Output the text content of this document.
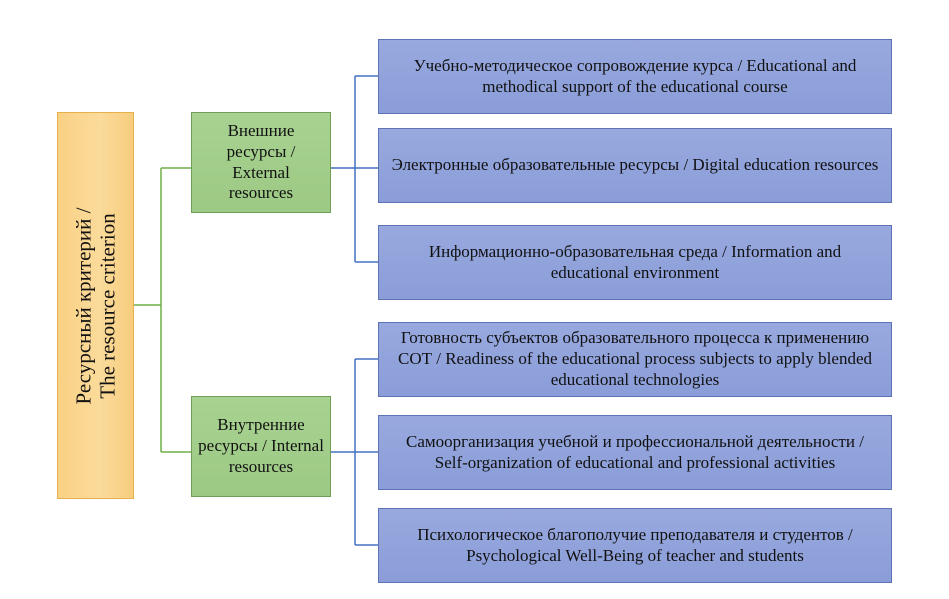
Ресурсный критерий /
The resource criterion
Внешние ресурсы / External resources
Внутренние ресурсы / Internal resources
Учебно-методическое сопровождение курса / Educational and methodical support of the educational course
Электронные образовательные ресурсы / Digital education resources
Информационно-образовательная среда / Information and educational environment
Готовность субъектов образовательного процесса к применению СОТ / Readiness of the educational process subjects to apply blended educational technologies
Самоорганизация учебной и профессиональной деятельности / Self-organization of educational and professional activities
Психологическое благополучие преподавателя и студентов / Psychological Well-Being of teacher and students
